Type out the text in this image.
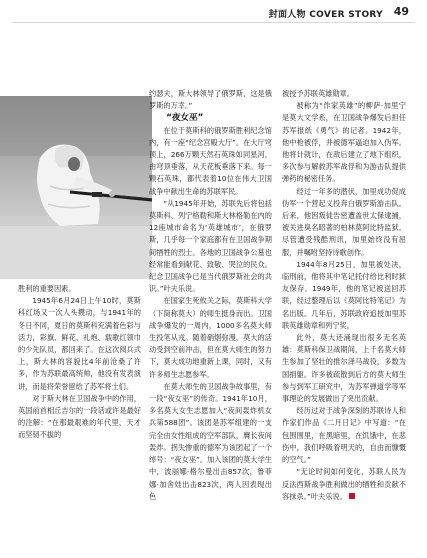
封面人物 COVER STORY 49

胜利的重要因素。

1945年6月24日上午10时，莫斯科红场又一次人头攒动，与1941年的冬日不同，夏日的莫斯科充满着色彩与活力，彩旗、鲜花、礼炮、载歌红领巾的少先队员，都回来了。在这次阅兵式上，斯大林的容貌比4年前沧桑了许多，作为苏联最高统帅，他没有发表演讲，而是将荣誉留给了苏军将士们。

对于斯大林在卫国战争中的作用，英国前首相丘吉尔的一段话或许是最好的注解：“在那最艰难的年代里，天才而坚韧不拔的

约瑟夫，斯大林领导了俄罗斯，这是俄罗斯的万幸。”

“夜女巫”

在位于莫斯科的俄罗斯胜利纪念馆内，有一座“纪念宫殿大厅”。在大厅穹顶上，266万颗天然石英珠如同星河，由穹顶垂落，从天花板垂落下来。每一颗石英珠，都代表着10位在伟大卫国战争中献出生命的苏联军民。

“从1945年开始，苏联先后将包括莫斯科、列宁格勒和斯大林格勒在内的12座城市命名为‘英雄城市’，在俄罗斯，几乎每一个家庭都有在卫国战争期间牺牲的烈士。各地的卫国战争公墓也经常能看到献花、致敬、哭泣的民众。纪念卫国战争已是当代俄罗斯社会的共识。”叶夫乐说。

在国家生死攸关之际，莫斯科大学（下简称莫大）的师生挺身而出。卫国战争爆发的一周内，1000多名莫大师生投笔从戎。随着硝烟弥漫，莫大的活动受到空前冲击，但在莫大师生的努力下，莫大成功地重新上课，同时，又有许多师生志愿参军。

在莫大师生的卫国战争故事里，有一段“夜女巫”的传奇。1941年10月，多名莫大女生志愿加入“夜间轰炸机女兵第588团”。该团是苏军组建的一支完全由女性组成的空军部队，膺长夜间轰炸。拐失惨重的德军为该团起了一个绰号：“夜女巫”。加入该团的莫大学生中，波丽娜·格尔曼出击857次，鲁菲娜·加舍娃出击823次，两人因表现出色

被授予苏联英雄勋章。

被称为“作家英雄”的柳萨·加里宁是莫大文学系，在卫国战争爆发后担任苏军报纸《勇气》的记者。1942年，他中枪被俘，并被德军逼迫加入伪军。他将计就计，在敌后建立了地下组织，多次参与解救苏军战俘和为游击队提供弹药的秘密任务。

经过一年多的潜伏，加里成功促成伪军一个营起义投奔白俄罗斯游击队。后来，他因叛徒告密遭盖世太保逮捕，被关进臭名昭著的柏林莫阿比特监狱。尽管遭受残酷刑讯，加里始终没有屈服，并嘱咐坚持诗歌创作。

1944年8月25日，加里被处决，临刑前，他将其中笔记托付给比利时狱友保存。1949年，他的笔记被送回苏联，经过整理后以《莫阿比特笔记》为名出版。几年后，苏联政府追授加里苏联英雄勋章和列宁奖。

此外，莫大还涌现出很多无名英雄：莫斯科保卫战期间，上千名莫大师生参加了坚壮的推尔泽马战役，多数为国捐躯。许多被疏散到后方的莫大师生参与到军工研究中，为苏军弹道学等军事理论的发展做出了突出贡献。

经历过对于战争深刻的苏联诗人和作家们作品《二月日记》中写道：“在包围围里，在黑暗里，在饥饿中，在悲伤中，我们呼吸着明天的，自由而慷慨的空气。”

“无论时间如何变化，苏联人民为反法西斯战争胜利做出的牺牲和贡献不容抹杀。”叶夫乐说。
